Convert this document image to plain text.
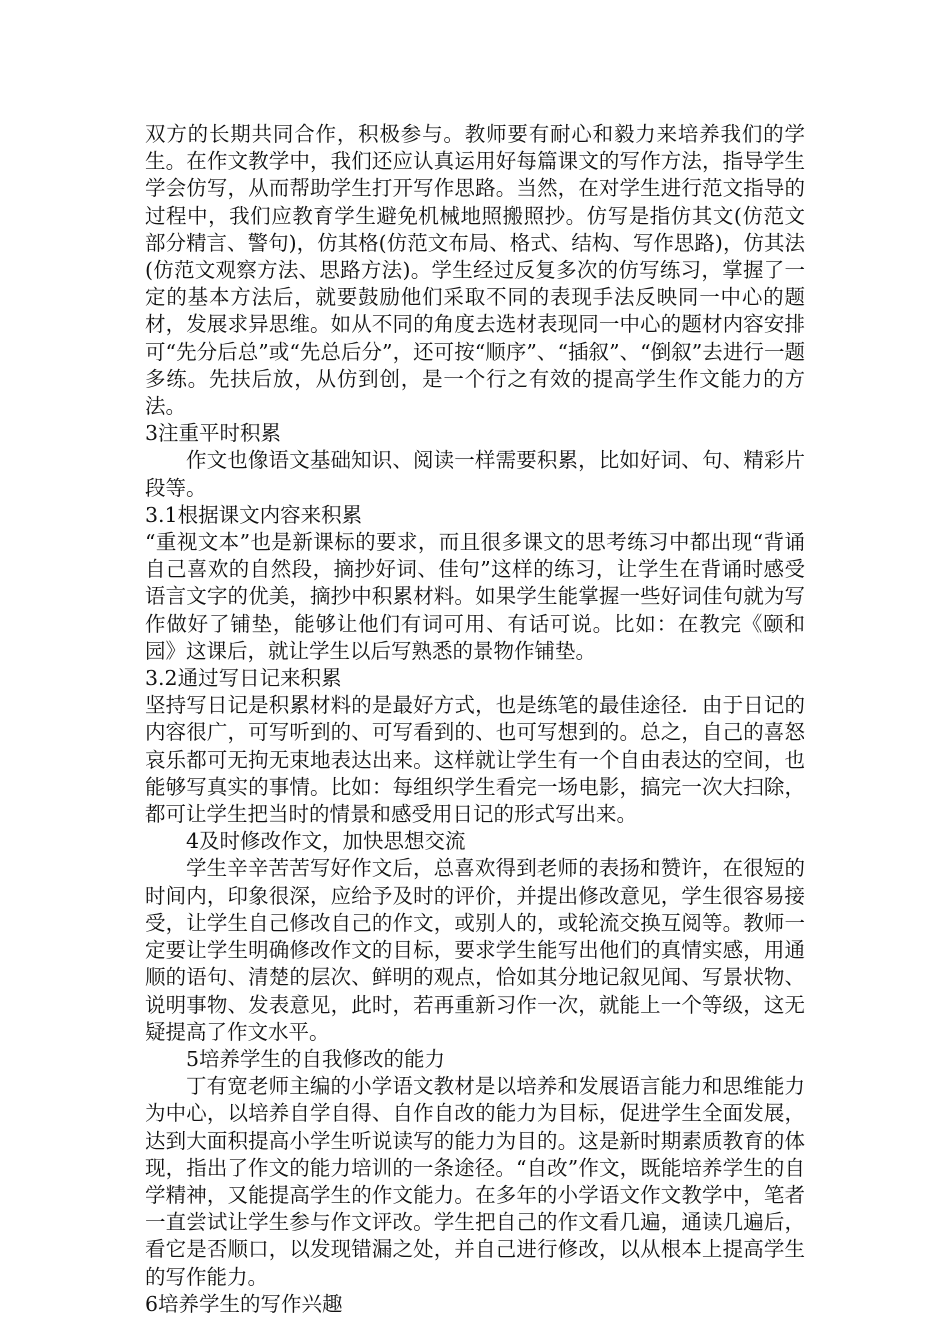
双方的长期共同合作，积极参与。教师要有耐心和毅力来培养我们的学生。在作文教学中，我们还应认真运用好每篇课文的写作方法，指导学生学会仿写，从而帮助学生打开写作思路。当然，在对学生进行范文指导的过程中，我们应教育学生避免机械地照搬照抄。仿写是指仿其文(仿范文部分精言、警句)，仿其格(仿范文布局、格式、结构、写作思路)，仿其法(仿范文观察方法、思路方法)。学生经过反复多次的仿写练习，掌握了一定的基本方法后，就要鼓励他们采取不同的表现手法反映同一中心的题材，发展求异思维。如从不同的角度去选材表现同一中心的题材内容安排可“先分后总”或“先总后分”，还可按“顺序”、“插叙”、“倒叙”去进行一题多练。先扶后放，从仿到创，是一个行之有效的提高学生作文能力的方法。

3注重平时积累

作文也像语文基础知识、阅读一样需要积累，比如好词、句、精彩片段等。

3.1根据课文内容来积累

“重视文本”也是新课标的要求，而且很多课文的思考练习中都出现“背诵自己喜欢的自然段，摘抄好词、佳句”这样的练习，让学生在背诵时感受语言文字的优美，摘抄中积累材料。如果学生能掌握一些好词佳句就为写作做好了铺垫，能够让他们有词可用、有话可说。比如：在教完《颐和园》这课后，就让学生以后写熟悉的景物作铺垫。

3.2通过写日记来积累

坚持写日记是积累材料的是最好方式，也是练笔的最佳途径．由于日记的内容很广，可写听到的、可写看到的、也可写想到的。总之，自己的喜怒哀乐都可无拘无束地表达出来。这样就让学生有一个自由表达的空间，也能够写真实的事情。比如：每组织学生看完一场电影，搞完一次大扫除，都可让学生把当时的情景和感受用日记的形式写出来。

4及时修改作文，加快思想交流

学生辛辛苦苦写好作文后，总喜欢得到老师的表扬和赞许，在很短的时间内，印象很深，应给予及时的评价，并提出修改意见，学生很容易接受，让学生自己修改自己的作文，或别人的，或轮流交换互阅等。教师一定要让学生明确修改作文的目标，要求学生能写出他们的真情实感，用通顺的语句、清楚的层次、鲜明的观点，恰如其分地记叙见闻、写景状物、说明事物、发表意见，此时，若再重新习作一次，就能上一个等级，这无疑提高了作文水平。

5培养学生的自我修改的能力

丁有宽老师主编的小学语文教材是以培养和发展语言能力和思维能力为中心，以培养自学自得、自作自改的能力为目标，促进学生全面发展，达到大面积提高小学生听说读写的能力为目的。这是新时期素质教育的体现，指出了作文的能力培训的一条途径。“自改”作文，既能培养学生的自学精神，又能提高学生的作文能力。在多年的小学语文作文教学中，笔者一直尝试让学生参与作文评改。学生把自己的作文看几遍，通读几遍后，看它是否顺口，以发现错漏之处，并自己进行修改，以从根本上提高学生的写作能力。

6培养学生的写作兴趣
